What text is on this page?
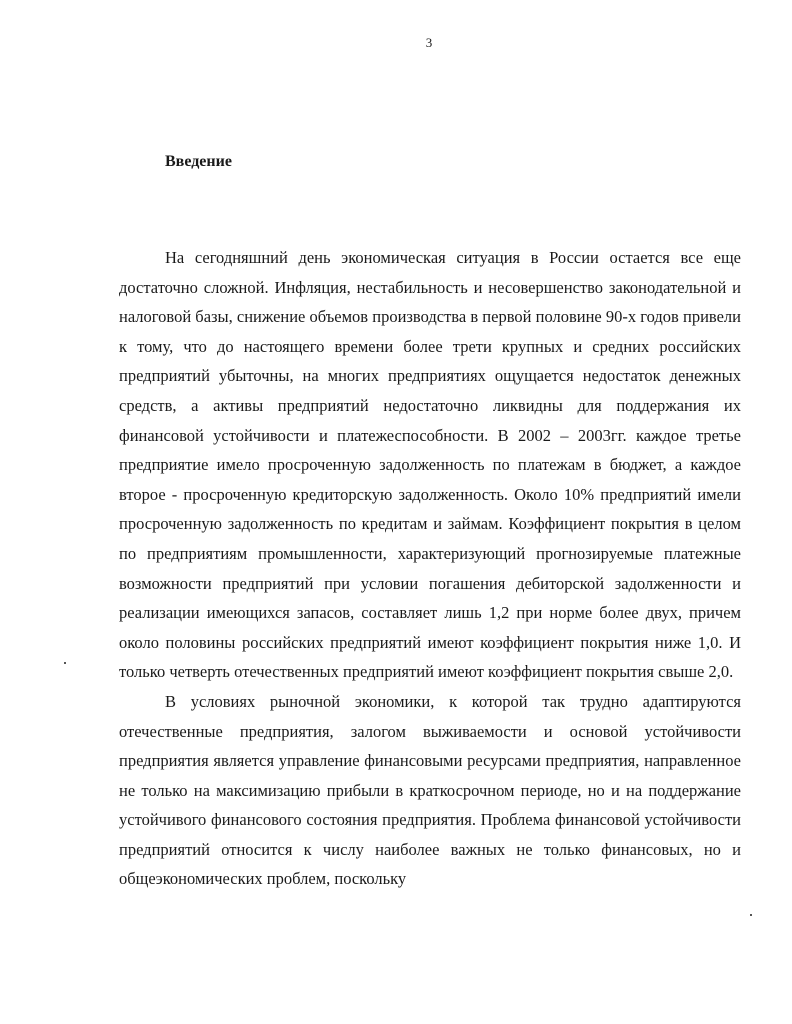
3
Введение

На сегодняшний день экономическая ситуация в России остается все еще достаточно сложной. Инфляция, нестабильность и несовершенство законодательной и налоговой базы, снижение объемов производства в первой половине 90-х годов привели к тому, что до настоящего времени более трети крупных и средних российских предприятий убыточны, на многих предприятиях ощущается недостаток денежных средств, а активы предприятий недостаточно ликвидны для поддержания их финансовой устойчивости и платежеспособности. В 2002 – 2003гг. каждое третье предприятие имело просроченную задолженность по платежам в бюджет, а каждое второе - просроченную кредиторскую задолженность. Около 10% предприятий имели просроченную задолженность по кредитам и займам. Коэффициент покрытия в целом по предприятиям промышленности, характеризующий прогнозируемые платежные возможности предприятий при условии погашения дебиторской задолженности и реализации имеющихся запасов, составляет лишь 1,2 при норме более двух, причем около половины российских предприятий имеют коэффициент покрытия ниже 1,0. И только четверть отечественных предприятий имеют коэффициент покрытия свыше 2,0.

В условиях рыночной экономики, к которой так трудно адаптируются отечественные предприятия, залогом выживаемости и основой устойчивости предприятия является управление финансовыми ресурсами предприятия, направленное не только на максимизацию прибыли в краткосрочном периоде, но и на поддержание устойчивого финансового состояния предприятия. Проблема финансовой устойчивости предприятий относится к числу наиболее важных не только финансовых, но и общеэкономических проблем, поскольку
